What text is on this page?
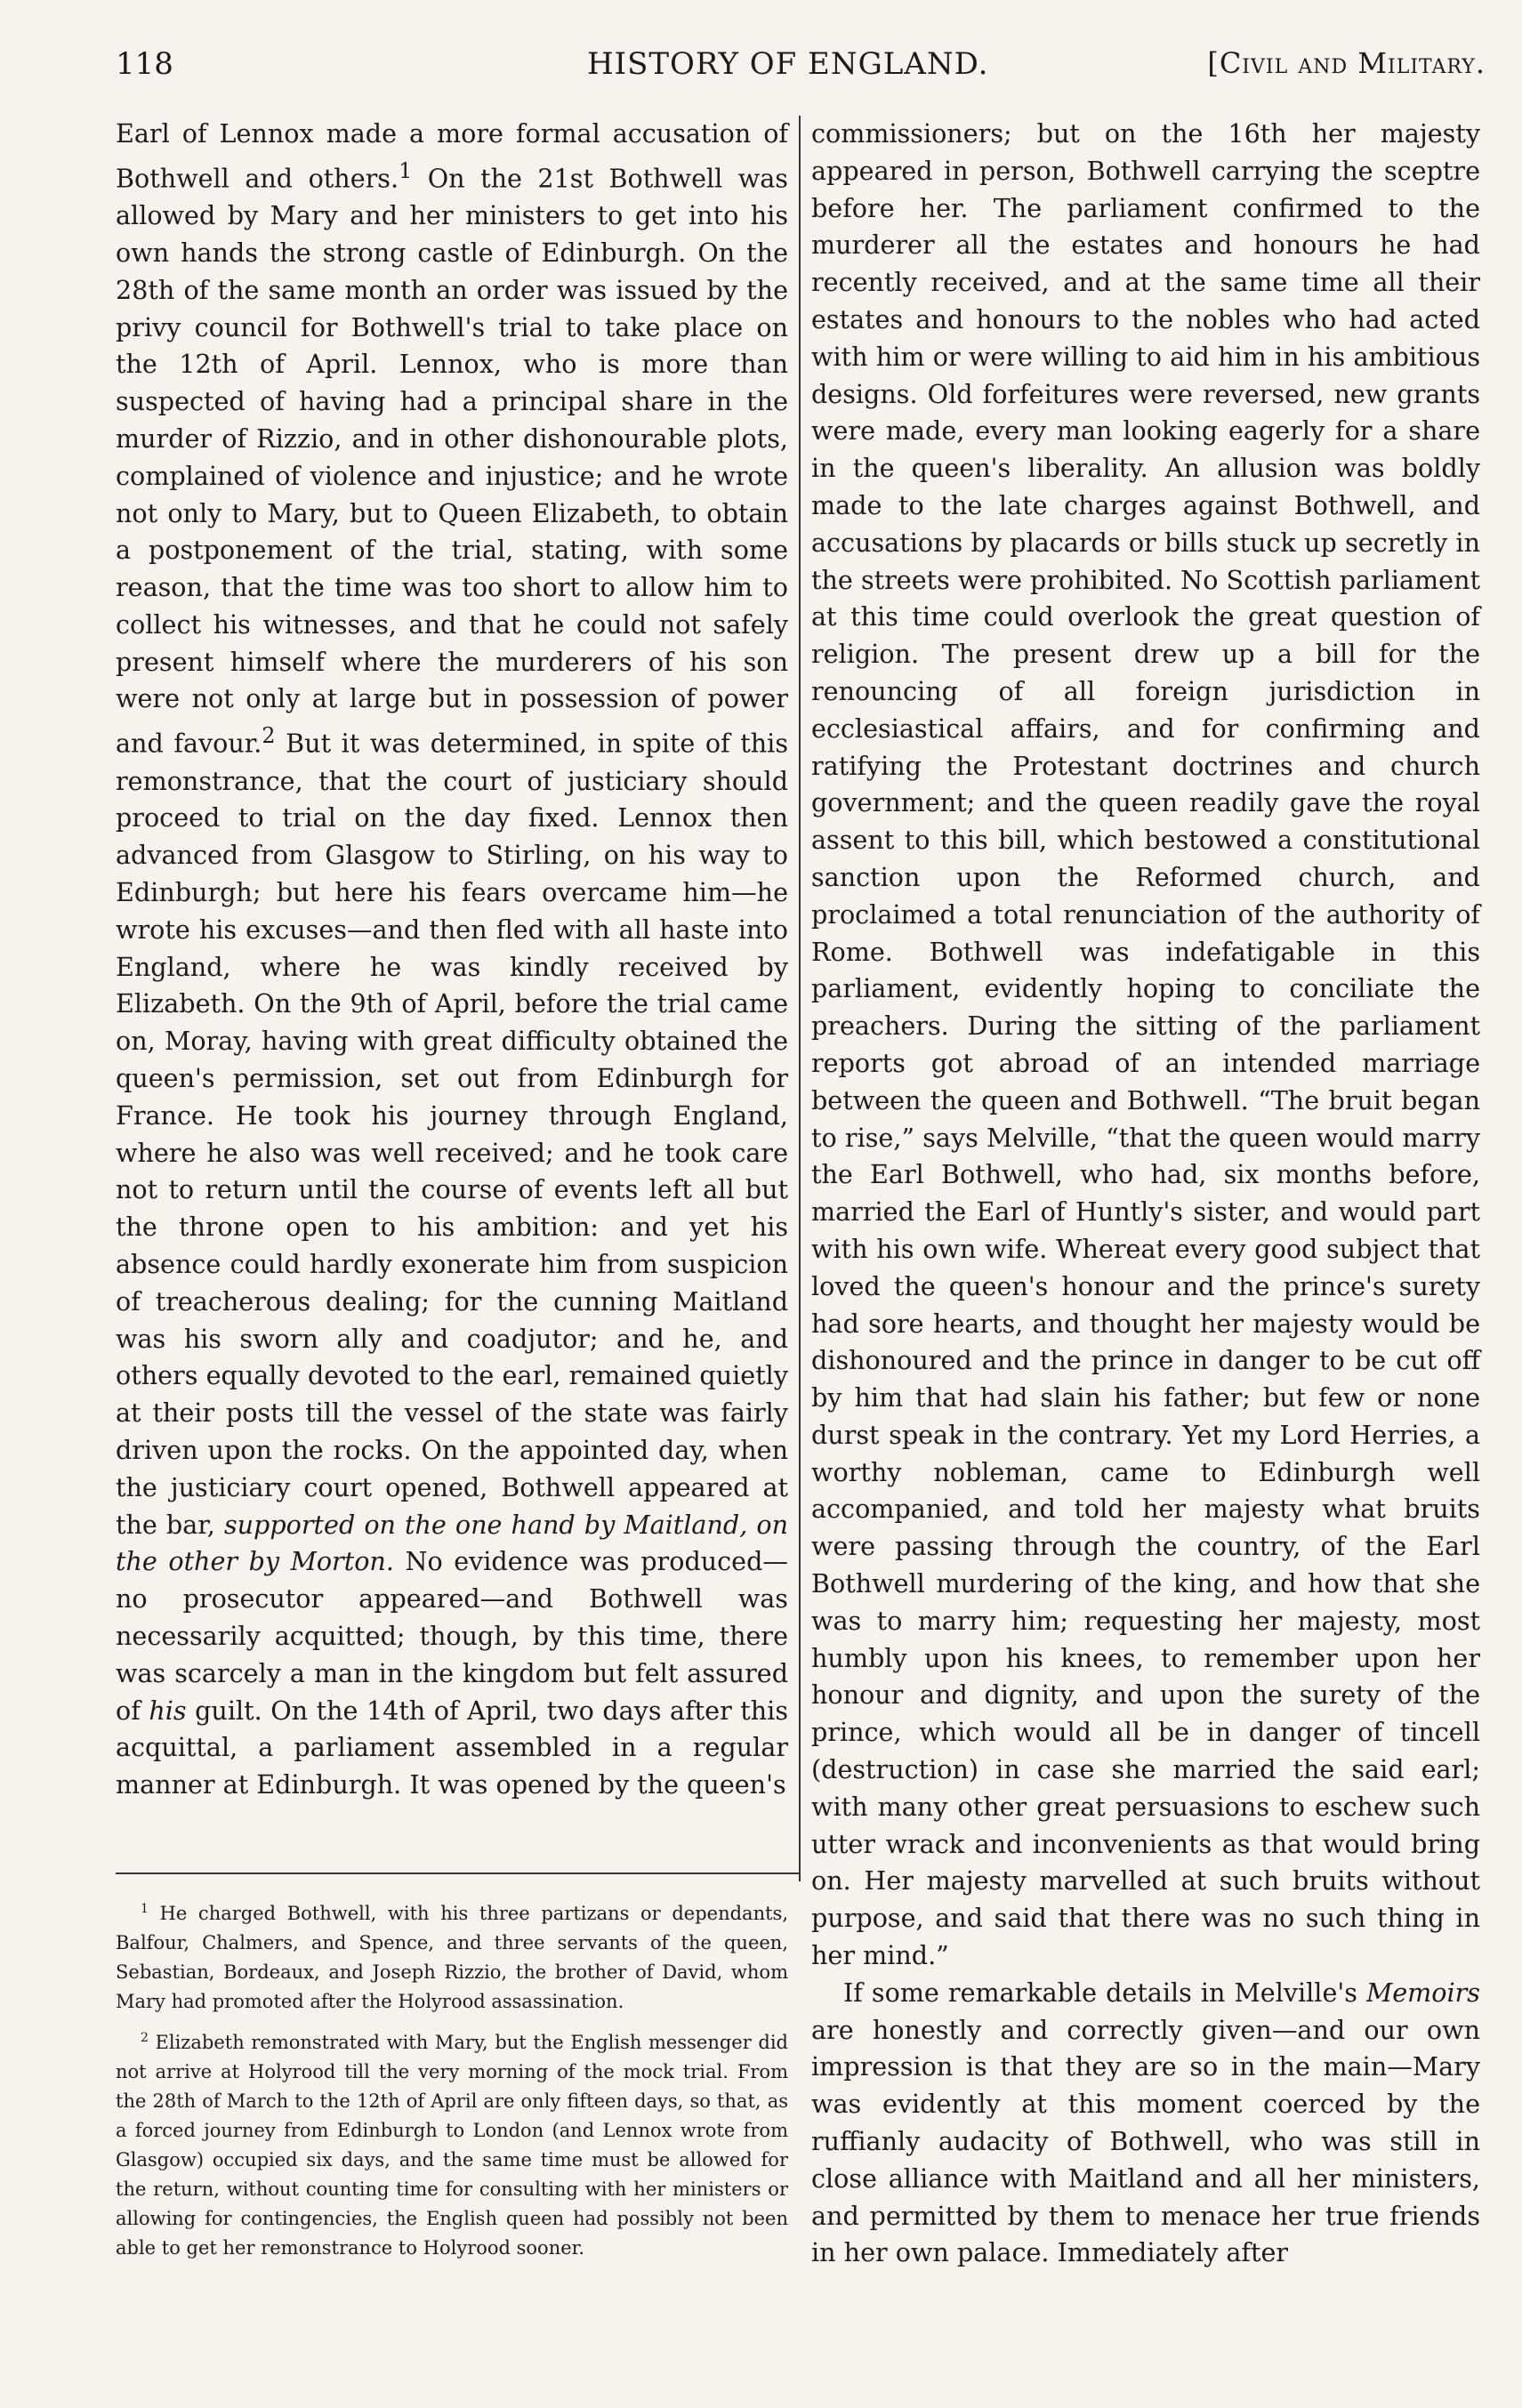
118	HISTORY OF ENGLAND.	[Civil and Military.

Earl of Lennox made a more formal accusation of Bothwell and others.$^1$ On the 21st Bothwell was allowed by Mary and her ministers to get into his own hands the strong castle of Edinburgh. On the 28th of the same month an order was issued by the privy council for Bothwell's trial to take place on the 12th of April. Lennox, who is more than suspected of having had a principal share in the murder of Rizzio, and in other dishonourable plots, complained of violence and injustice; and he wrote not only to Mary, but to Queen Elizabeth, to obtain a postponement of the trial, stating, with some reason, that the time was too short to allow him to collect his witnesses, and that he could not safely present himself where the murderers of his son were not only at large but in possession of power and favour.$^2$ But it was determined, in spite of this remonstrance, that the court of justiciary should proceed to trial on the day fixed. Lennox then advanced from Glasgow to Stirling, on his way to Edinburgh; but here his fears overcame him—he wrote his excuses—and then fled with all haste into England, where he was kindly received by Elizabeth. On the 9th of April, before the trial came on, Moray, having with great difficulty obtained the queen's permission, set out from Edinburgh for France. He took his journey through England, where he also was well received; and he took care not to return until the course of events left all but the throne open to his ambition: and yet his absence could hardly exonerate him from suspicion of treacherous dealing; for the cunning Maitland was his sworn ally and coadjutor; and he, and others equally devoted to the earl, remained quietly at their posts till the vessel of the state was fairly driven upon the rocks. On the appointed day, when the justiciary court opened, Bothwell appeared at the bar, supported on the one hand by Maitland, on the other by Morton. No evidence was produced—no prosecutor appeared—and Bothwell was necessarily acquitted; though, by this time, there was scarcely a man in the kingdom but felt assured of his guilt. On the 14th of April, two days after this acquittal, a parliament assembled in a regular manner at Edinburgh. It was opened by the queen's

commissioners; but on the 16th her majesty appeared in person, Bothwell carrying the sceptre before her. The parliament confirmed to the murderer all the estates and honours he had recently received, and at the same time all their estates and honours to the nobles who had acted with him or were willing to aid him in his ambitious designs. Old forfeitures were reversed, new grants were made, every man looking eagerly for a share in the queen's liberality. An allusion was boldly made to the late charges against Bothwell, and accusations by placards or bills stuck up secretly in the streets were prohibited. No Scottish parliament at this time could overlook the great question of religion. The present drew up a bill for the renouncing of all foreign jurisdiction in ecclesiastical affairs, and for confirming and ratifying the Protestant doctrines and church government; and the queen readily gave the royal assent to this bill, which bestowed a constitutional sanction upon the Reformed church, and proclaimed a total renunciation of the authority of Rome. Bothwell was indefatigable in this parliament, evidently hoping to conciliate the preachers. During the sitting of the parliament reports got abroad of an intended marriage between the queen and Bothwell. “The bruit began to rise,” says Melville, “that the queen would marry the Earl Bothwell, who had, six months before, married the Earl of Huntly's sister, and would part with his own wife. Whereat every good subject that loved the queen's honour and the prince's surety had sore hearts, and thought her majesty would be dishonoured and the prince in danger to be cut off by him that had slain his father; but few or none durst speak in the contrary. Yet my Lord Herries, a worthy nobleman, came to Edinburgh well accompanied, and told her majesty what bruits were passing through the country, of the Earl Bothwell murdering of the king, and how that she was to marry him; requesting her majesty, most humbly upon his knees, to remember upon her honour and dignity, and upon the surety of the prince, which would all be in danger of tincell (destruction) in case she married the said earl; with many other great persuasions to eschew such utter wrack and inconvenients as that would bring on. Her majesty marvelled at such bruits without purpose, and said that there was no such thing in her mind.”

If some remarkable details in Melville's Memoirs are honestly and correctly given—and our own impression is that they are so in the main—Mary was evidently at this moment coerced by the ruffianly audacity of Bothwell, who was still in close alliance with Maitland and all her ministers, and permitted by them to menace her true friends in her own palace. Immediately after

$^1$ He charged Bothwell, with his three partizans or dependants, Balfour, Chalmers, and Spence, and three servants of the queen, Sebastian, Bordeaux, and Joseph Rizzio, the brother of David, whom Mary had promoted after the Holyrood assassination.

$^2$ Elizabeth remonstrated with Mary, but the English messenger did not arrive at Holyrood till the very morning of the mock trial. From the 28th of March to the 12th of April are only fifteen days, so that, as a forced journey from Edinburgh to London (and Lennox wrote from Glasgow) occupied six days, and the same time must be allowed for the return, without counting time for consulting with her ministers or allowing for contingencies, the English queen had possibly not been able to get her remonstrance to Holyrood sooner.
